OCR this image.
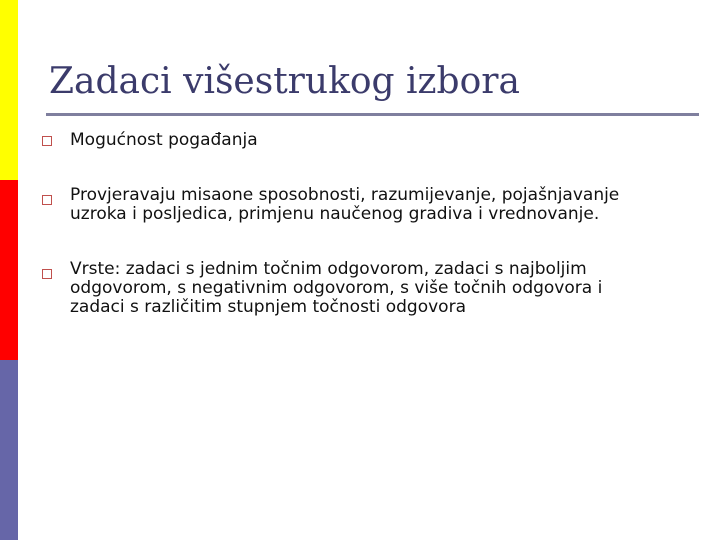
Zadaci višestrukog izbora
Mogućnost pogađanja
Provjeravaju misaone sposobnosti, razumijevanje, pojašnjavanje uzroka i posljedica, primjenu naučenog gradiva i vrednovanje.
Vrste: zadaci s jednim točnim odgovorom, zadaci s najboljim odgovorom, s negativnim odgovorom, s više točnih odgovora i zadaci s različitim stupnjem točnosti odgovora
